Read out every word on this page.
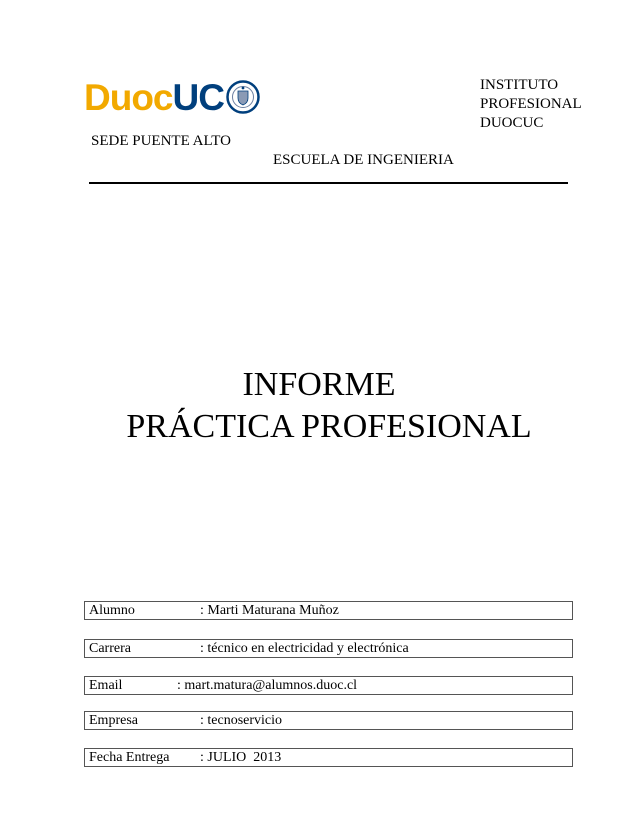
DuocUC	INSTITUTO
PROFESIONAL
DUOCUC
SEDE PUENTE ALTO
ESCUELA DE INGENIERIA
INFORME
PRÁCTICA PROFESIONAL
Alumno	: Marti Maturana Muñoz
Carrera	: técnico en electricidad y electrónica
Email	: mart.matura@alumnos.duoc.cl
Empresa	: tecnoservicio
Fecha Entrega : JULIO  2013
